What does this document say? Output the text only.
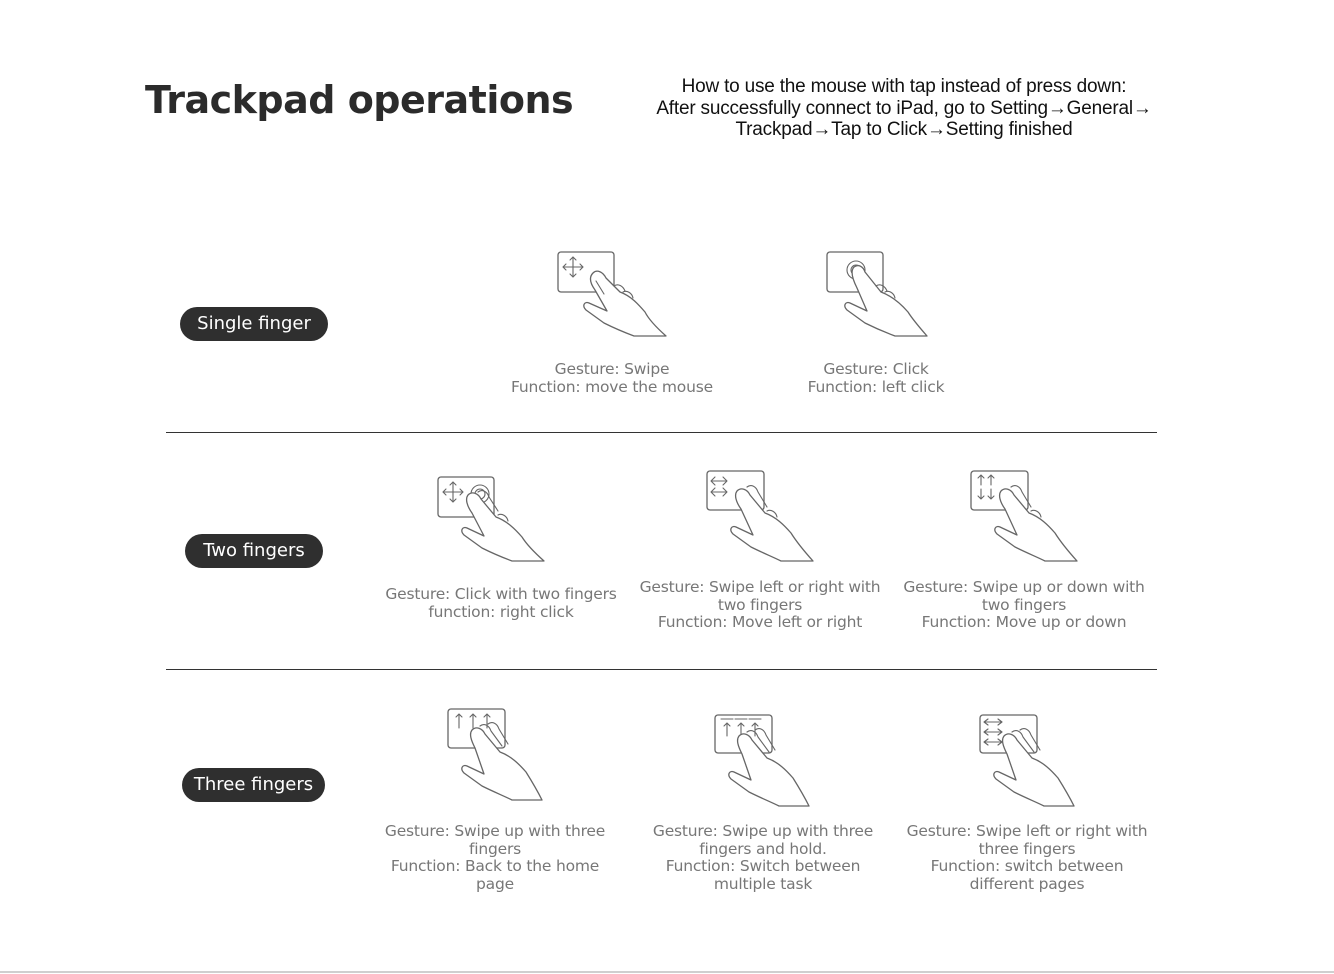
Trackpad operations	How to use the mouse with tap instead of press down:
After successfully connect to iPad, go to Setting→General→
Trackpad→Tap to Click→Setting finished
Single finger
Two fingers
Three fingers
Gesture: Swipe
Function: move the mouse
Gesture: Click
Function: left click
Gesture: Click with two fingers
function: right click
Gesture: Swipe left or right with
two fingers
Function: Move left or right
Gesture: Swipe up or down with
two fingers
Function: Move up or down
Gesture: Swipe up with three
fingers
Function: Back to the home
page
Gesture: Swipe up with three
fingers and hold.
Function: Switch between
multiple task
Gesture: Swipe left or right with
three fingers
Function: switch between
different pages
